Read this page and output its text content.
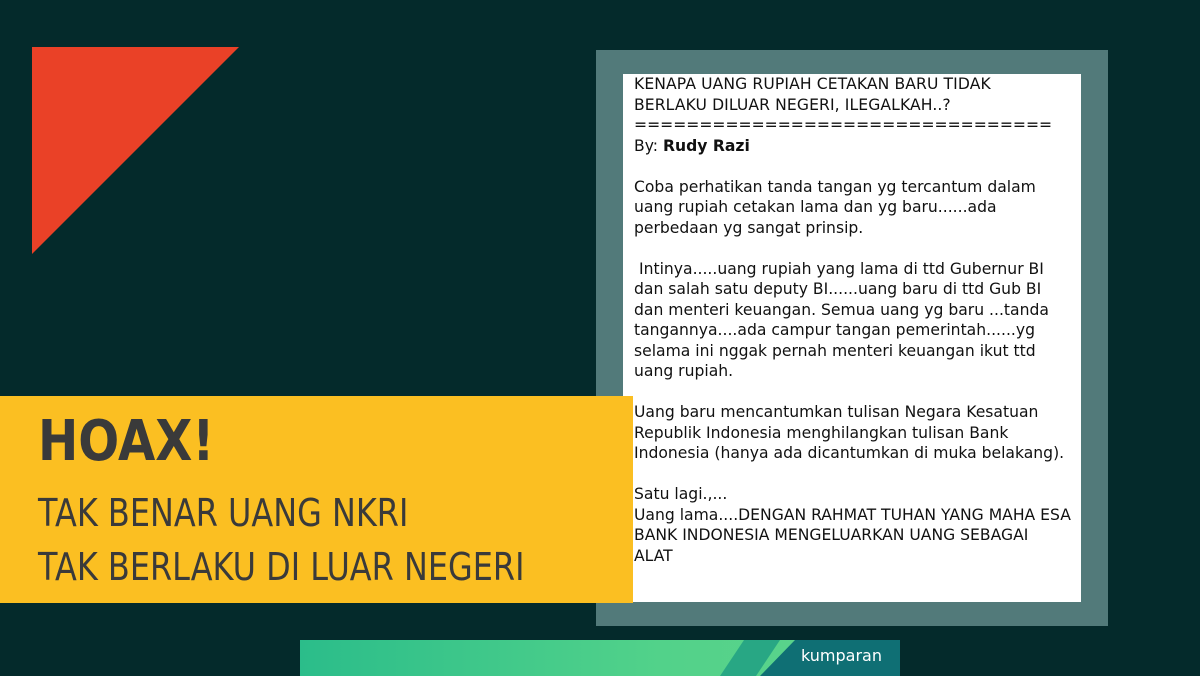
KENAPA UANG RUPIAH CETAKAN BARU TIDAK
BERLAKU DILUAR NEGERI, ILEGALKAH..?

================================

By: Rudy Razi

Coba perhatikan tanda tangan yg tercantum dalam uang rupiah cetakan lama dan yg baru......ada perbedaan yg sangat prinsip.

Intinya.....uang rupiah yang lama di ttd Gubernur BI dan salah satu deputy BI......uang baru di ttd Gub BI dan menteri keuangan. Semua uang yg baru ...tanda tangannya....ada campur tangan pemerintah......yg selama ini nggak pernah menteri keuangan ikut ttd uang rupiah.

Uang baru mencantumkan tulisan Negara Kesatuan Republik Indonesia menghilangkan tulisan Bank Indonesia (hanya ada dicantumkan di muka belakang).

Satu lagi.,...

Uang lama....DENGAN RAHMAT TUHAN YANG MAHA ESA BANK INDONESIA MENGELUARKAN UANG SEBAGAI ALAT

HOAX!

TAK BENAR UANG NKRI

TAK BERLAKU DI LUAR NEGERI

kumparan
